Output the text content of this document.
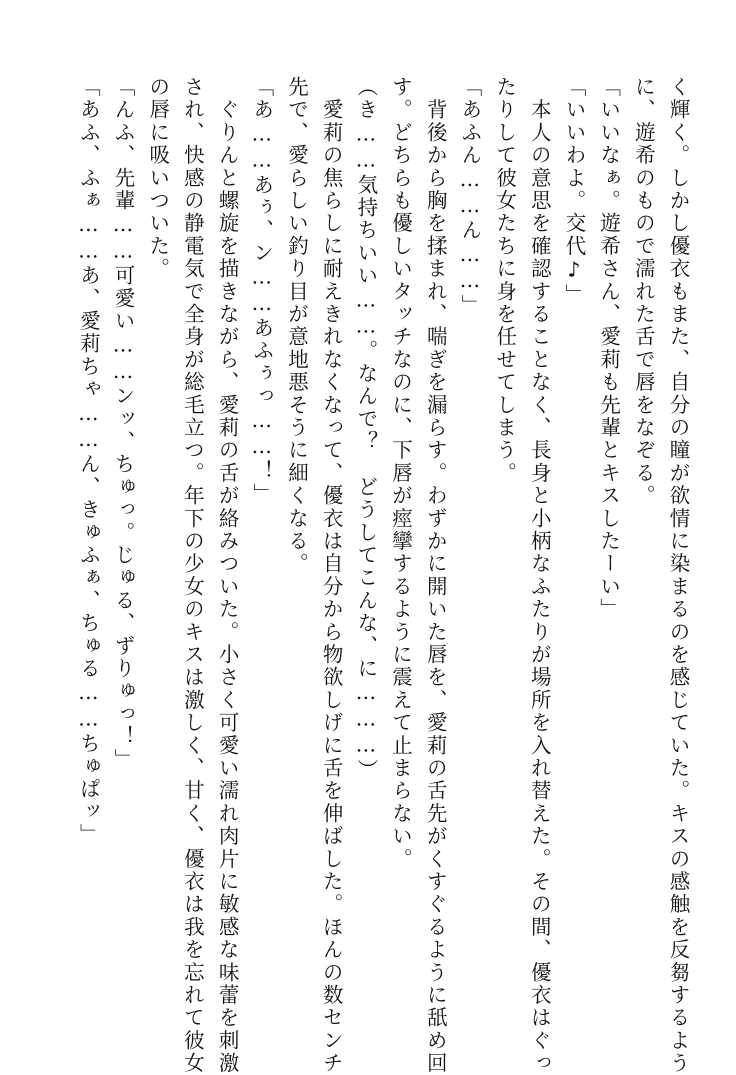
く輝く。しかし優衣もまた、自分の瞳が欲情に染まるのを感じていた。キスの感触を反芻するよう
に、遊希のもので濡れた舌で唇をなぞる。
「いいなぁ。遊希さん、愛莉も先輩とキスしたーい」
「いいわよ。交代♪」
　本人の意思を確認することなく、長身と小柄なふたりが場所を入れ替えた。その間、優衣はぐっ
たりして彼女たちに身を任せてしまう。
「あふん……ん……」
　背後から胸を揉まれ、喘ぎを漏らす。わずかに開いた唇を、愛莉の舌先がくすぐるように舐め回
す。どちらも優しいタッチなのに、下唇が痙攣するように震えて止まらない。
（き……気持ちいい……。なんで？　どうしてこんな、に………）
　愛莉の焦らしに耐えきれなくなって、優衣は自分から物欲しげに舌を伸ばした。ほんの数センチ
先で、愛らしい釣り目が意地悪そうに細くなる。
「あ……あぅ、ン……あふぅっ……！」
　ぐりんと螺旋を描きながら、愛莉の舌が絡みついた。小さく可愛い濡れ肉片に敏感な味蕾を刺激
され、快感の静電気で全身が総毛立つ。年下の少女のキスは激しく、甘く、優衣は我を忘れて彼女
の唇に吸いついた。
「んふ、先輩……可愛い……ンッ、ちゅっ。じゅる、ずりゅっ！」
「あふ、ふぁ……あ、愛莉ちゃ……ん、きゅふぁ、ちゅる……ちゅぱッ」
